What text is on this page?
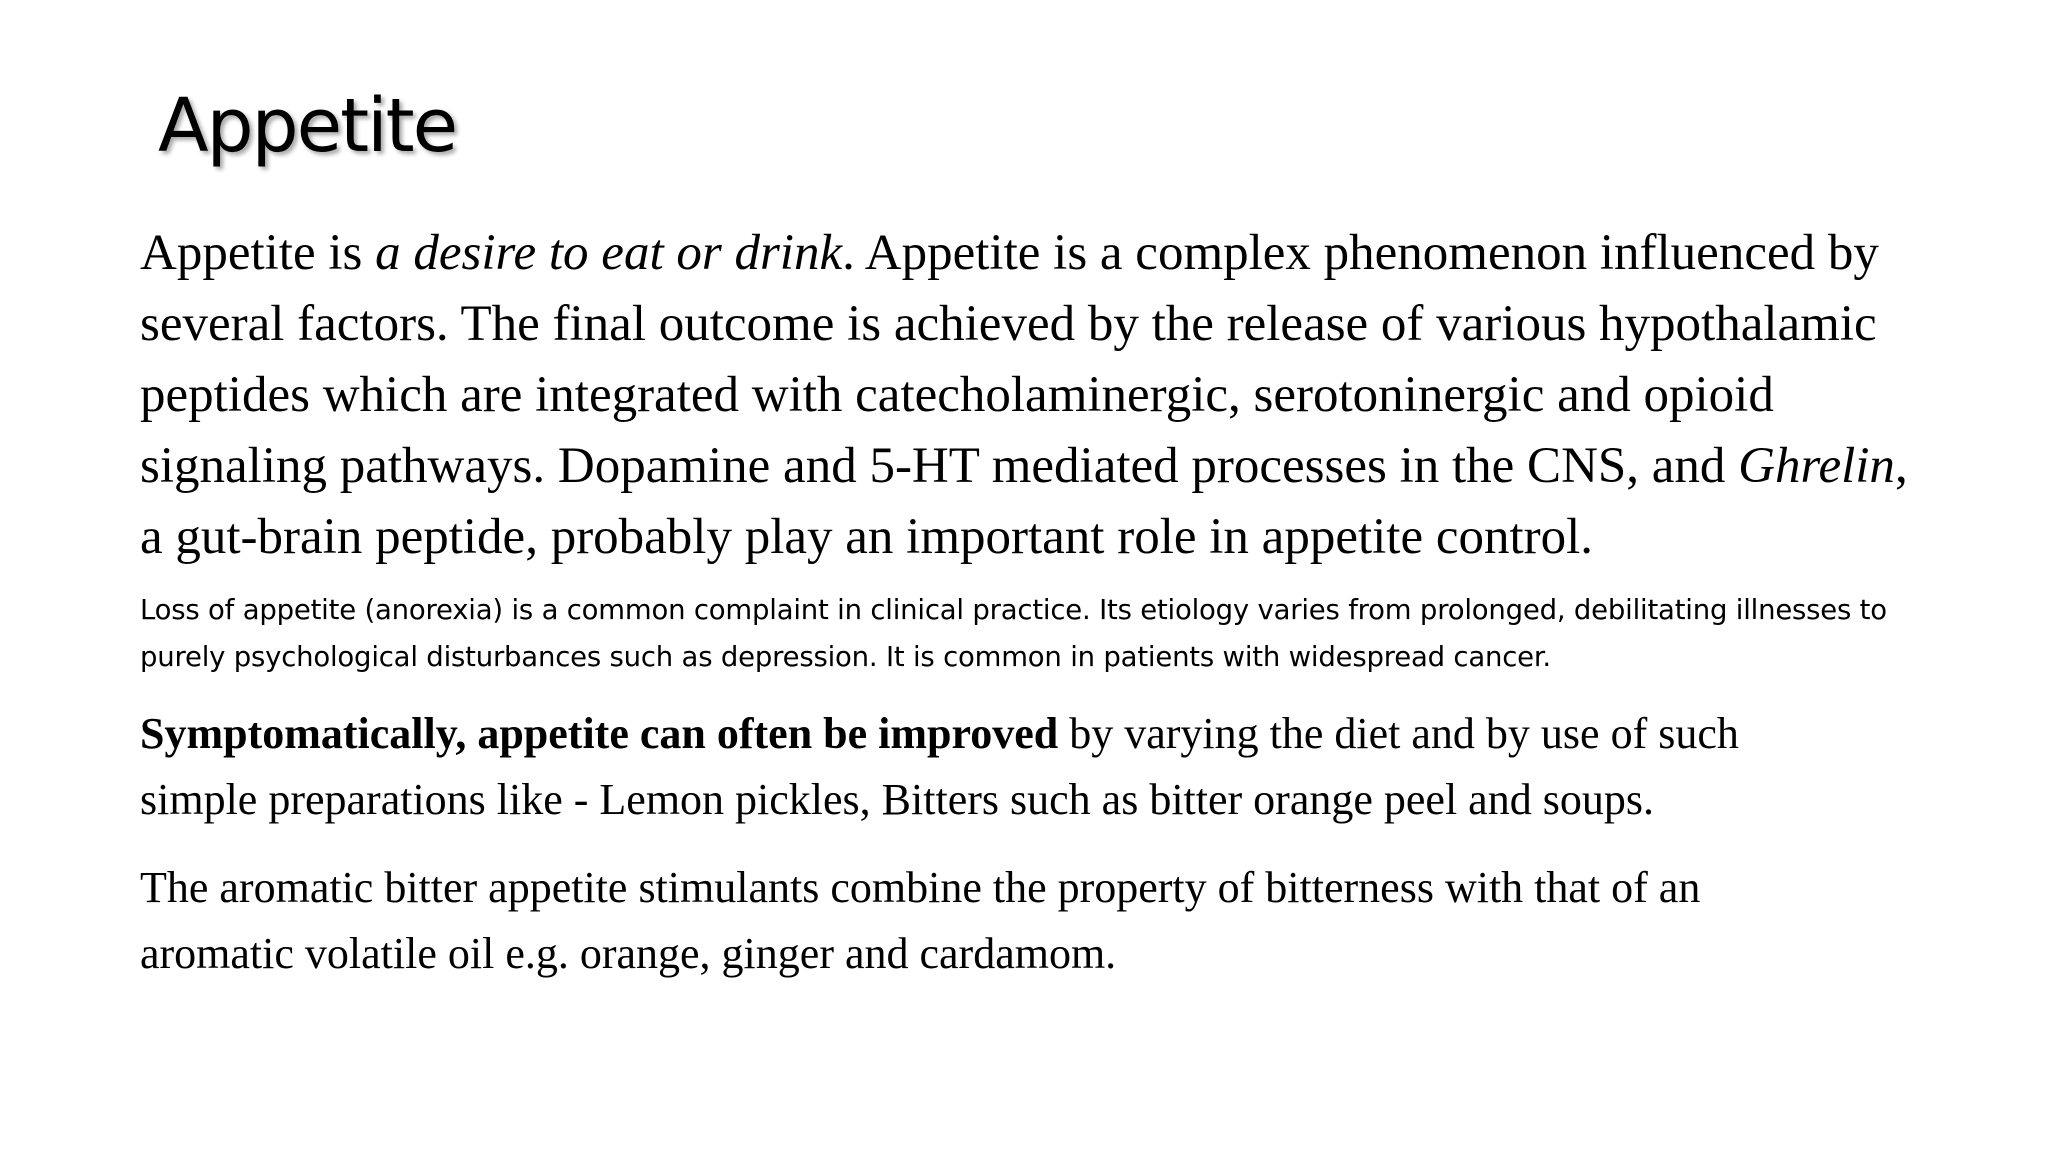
Appetite

Appetite is a desire to eat or drink. Appetite is a complex phenomenon influenced by
several factors. The final outcome is achieved by the release of various hypothalamic
peptides which are integrated with catecholaminergic, serotoninergic and opioid
signaling pathways. Dopamine and 5-HT mediated processes in the CNS, and Ghrelin,
a gut-brain peptide, probably play an important role in appetite control.

Loss of appetite (anorexia) is a common complaint in clinical practice. Its etiology varies from prolonged, debilitating illnesses to
purely psychological disturbances such as depression. It is common in patients with widespread cancer.

Symptomatically, appetite can often be improved by varying the diet and by use of such
simple preparations like - Lemon pickles, Bitters such as bitter orange peel and soups.

The aromatic bitter appetite stimulants combine the property of bitterness with that of an
aromatic volatile oil e.g. orange, ginger and cardamom.
